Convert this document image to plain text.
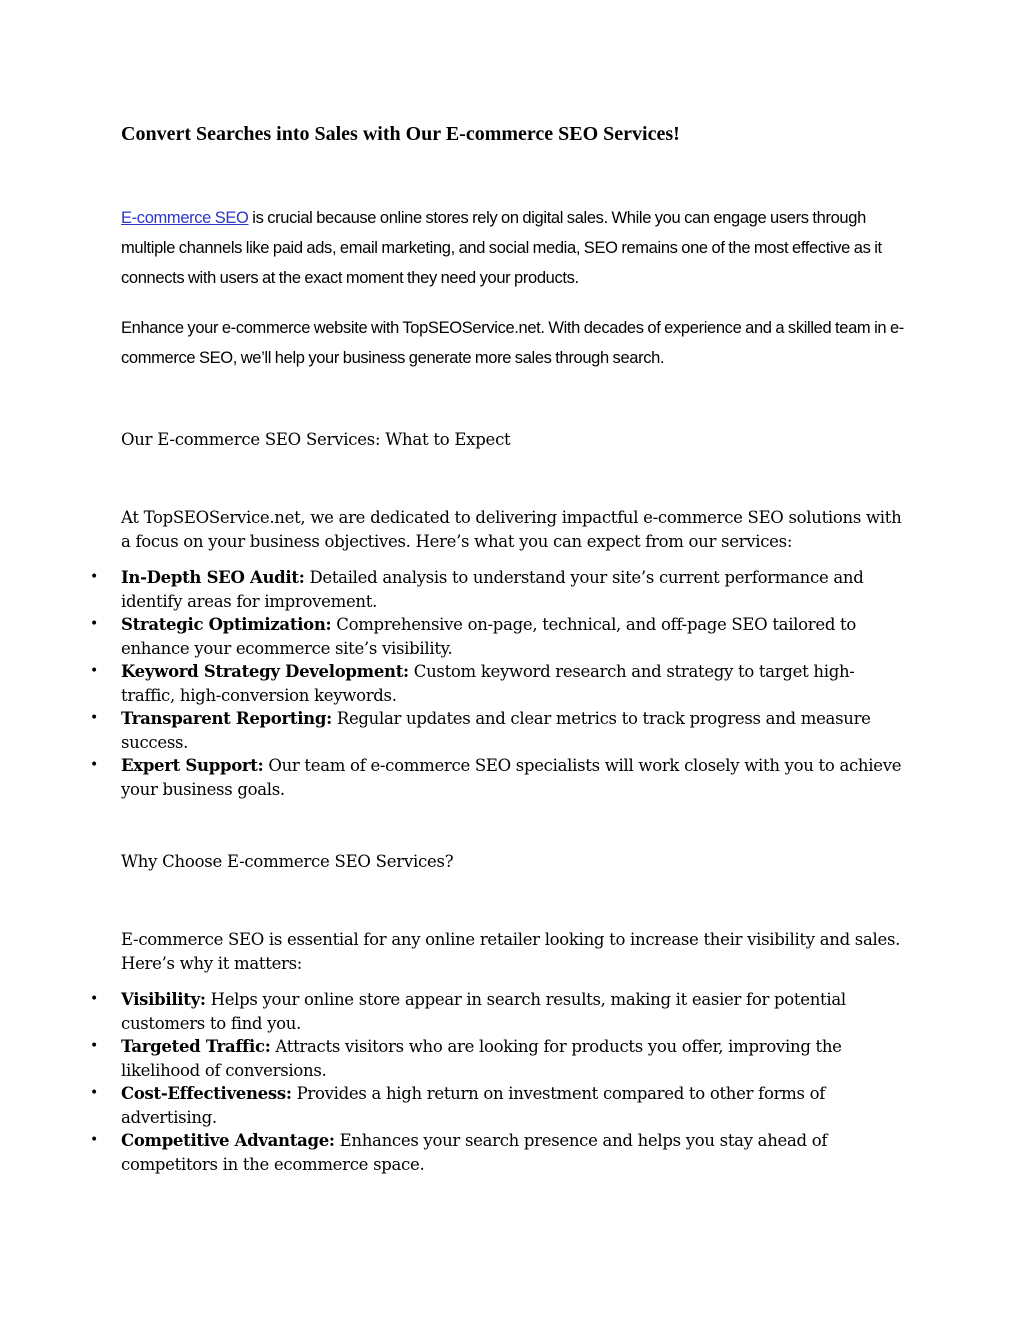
Convert Searches into Sales with Our E-commerce SEO Services!

E-commerce SEO is crucial because online stores rely on digital sales. While you can engage users through multiple channels like paid ads, email marketing, and social media, SEO remains one of the most effective as it connects with users at the exact moment they need your products.

Enhance your e-commerce website with TopSEOService.net. With decades of experience and a skilled team in e-commerce SEO, we’ll help your business generate more sales through search.

Our E-commerce SEO Services: What to Expect

At TopSEOService.net, we are dedicated to delivering impactful e-commerce SEO solutions with a focus on your business objectives. Here’s what you can expect from our services:

• In-Depth SEO Audit: Detailed analysis to understand your site’s current performance and identify areas for improvement.
• Strategic Optimization: Comprehensive on-page, technical, and off-page SEO tailored to enhance your ecommerce site’s visibility.
• Keyword Strategy Development: Custom keyword research and strategy to target high-traffic, high-conversion keywords.
• Transparent Reporting: Regular updates and clear metrics to track progress and measure success.
• Expert Support: Our team of e-commerce SEO specialists will work closely with you to achieve your business goals.
Why Choose E-commerce SEO Services?

E-commerce SEO is essential for any online retailer looking to increase their visibility and sales. Here’s why it matters:

• Visibility: Helps your online store appear in search results, making it easier for potential customers to find you.
• Targeted Traffic: Attracts visitors who are looking for products you offer, improving the likelihood of conversions.
• Cost-Effectiveness: Provides a high return on investment compared to other forms of advertising.
• Competitive Advantage: Enhances your search presence and helps you stay ahead of competitors in the ecommerce space.
